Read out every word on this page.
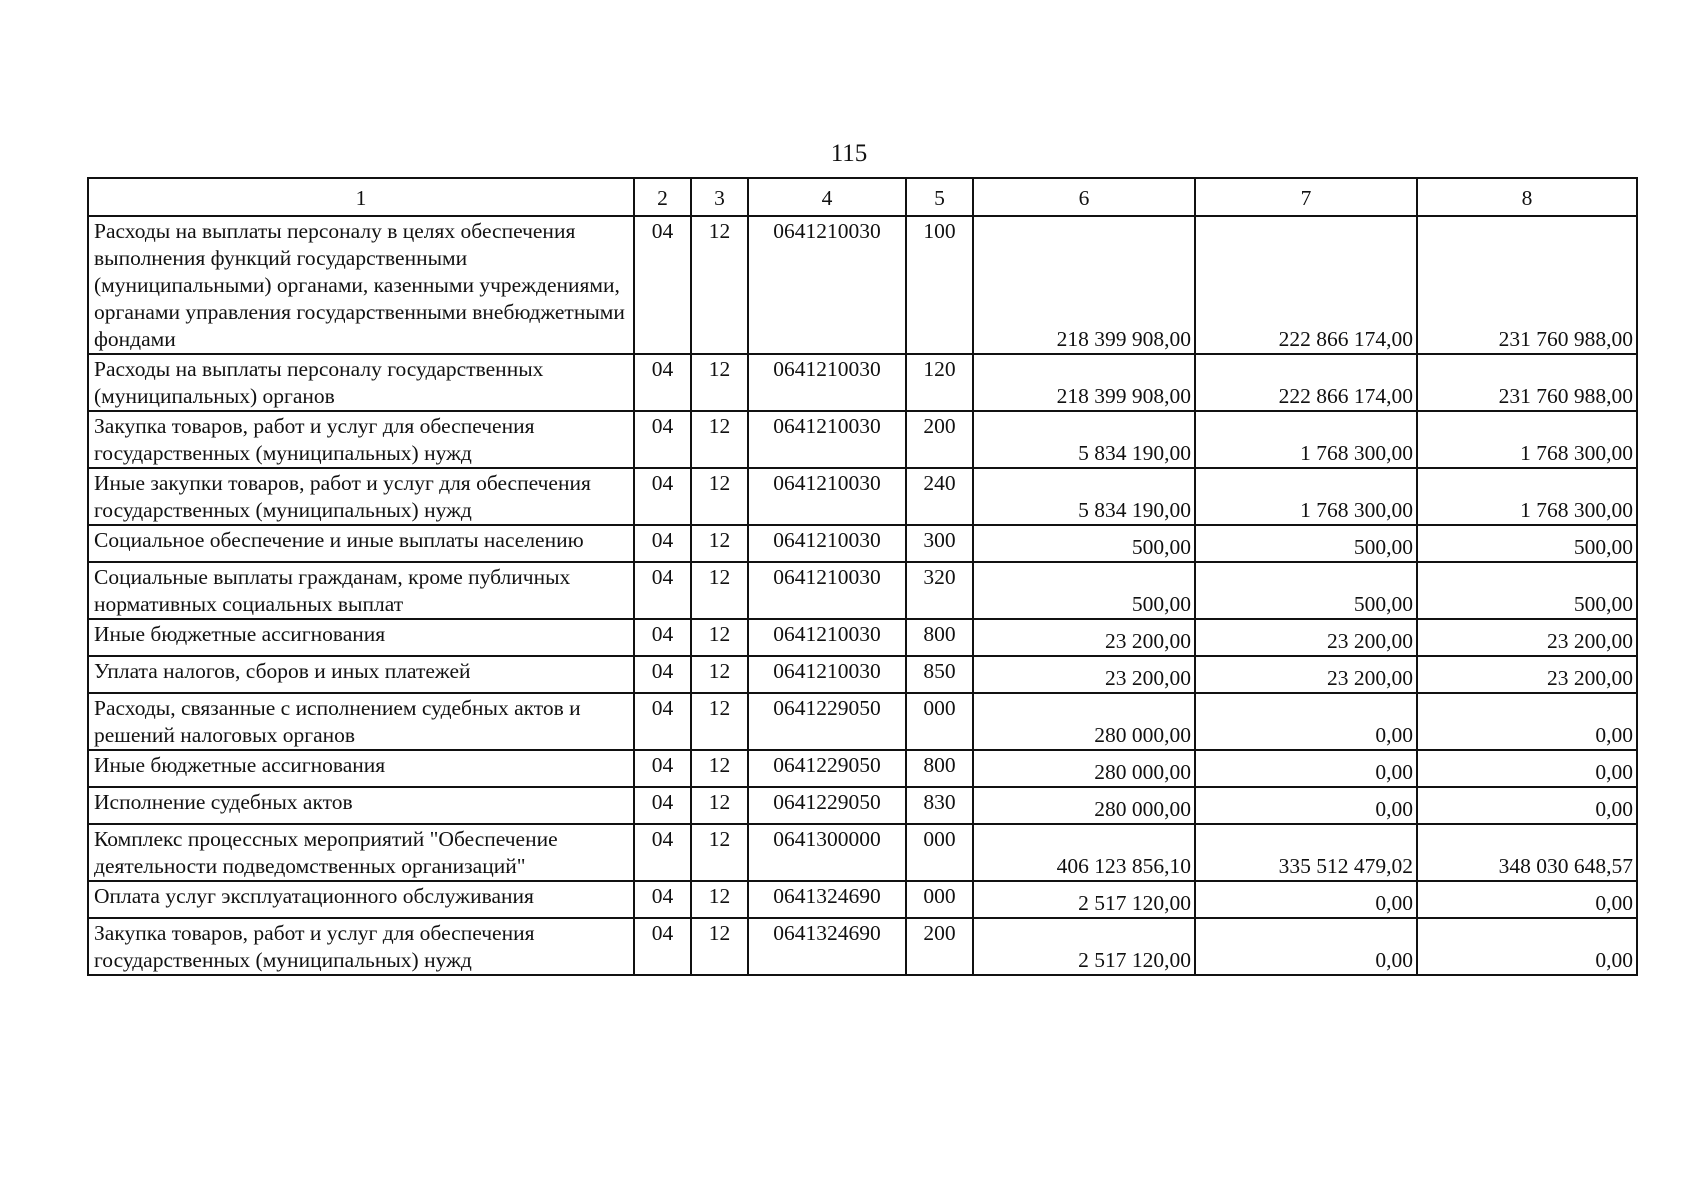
115
1	2	3	4	5	6	7	8
Расходы на выплаты персоналу в целях обеспечения выполнения функций государственными (муниципальными) органами, казенными учреждениями, органами управления государственными внебюджетными фондами	04	12	0641210030	100	218 399 908,00	222 866 174,00	231 760 988,00
Расходы на выплаты персоналу государственных (муниципальных) органов	04	12	0641210030	120	218 399 908,00	222 866 174,00	231 760 988,00
Закупка товаров, работ и услуг для обеспечения государственных (муниципальных) нужд	04	12	0641210030	200	5 834 190,00	1 768 300,00	1 768 300,00
Иные закупки товаров, работ и услуг для обеспечения государственных (муниципальных) нужд	04	12	0641210030	240	5 834 190,00	1 768 300,00	1 768 300,00
Социальное обеспечение и иные выплаты населению	04	12	0641210030	300	500,00	500,00	500,00
Социальные выплаты гражданам, кроме публичных нормативных социальных выплат	04	12	0641210030	320	500,00	500,00	500,00
Иные бюджетные ассигнования	04	12	0641210030	800	23 200,00	23 200,00	23 200,00
Уплата налогов, сборов и иных платежей	04	12	0641210030	850	23 200,00	23 200,00	23 200,00
Расходы, связанные с исполнением судебных актов и решений налоговых органов	04	12	0641229050	000	280 000,00	0,00	0,00
Иные бюджетные ассигнования	04	12	0641229050	800	280 000,00	0,00	0,00
Исполнение судебных актов	04	12	0641229050	830	280 000,00	0,00	0,00
Комплекс процессных мероприятий "Обеспечение деятельности подведомственных организаций"	04	12	0641300000	000	406 123 856,10	335 512 479,02	348 030 648,57
Оплата услуг эксплуатационного обслуживания	04	12	0641324690	000	2 517 120,00	0,00	0,00
Закупка товаров, работ и услуг для обеспечения государственных (муниципальных) нужд	04	12	0641324690	200	2 517 120,00	0,00	0,00
